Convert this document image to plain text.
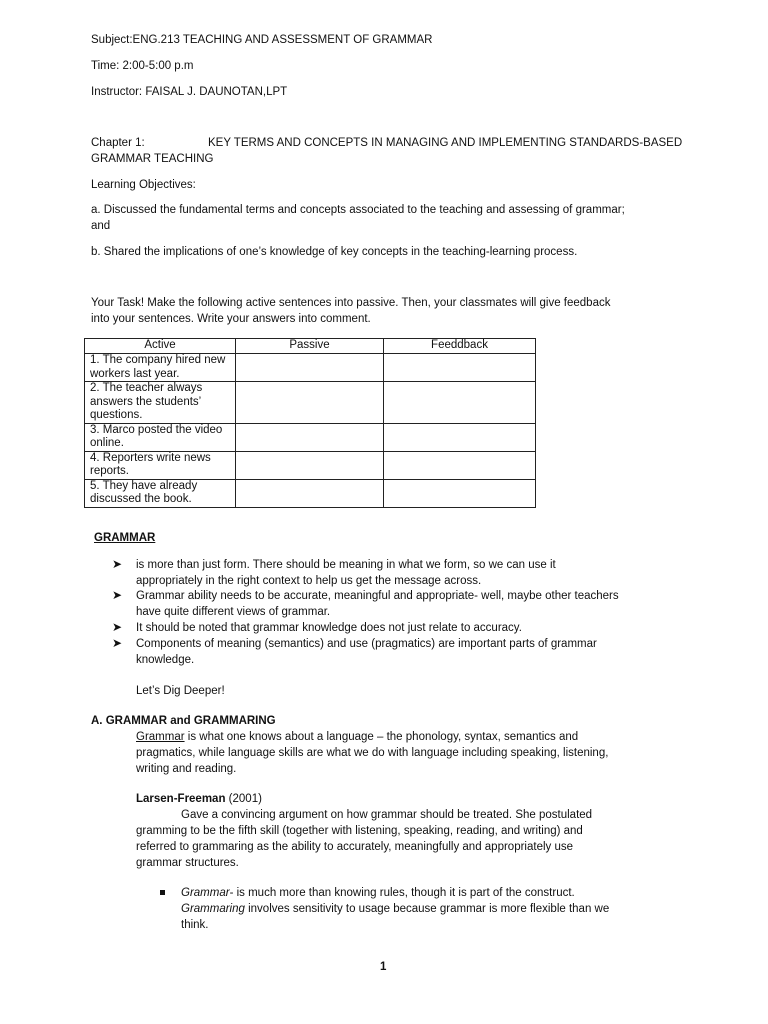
Subject:ENG.213 TEACHING AND ASSESSMENT OF GRAMMAR
Time: 2:00-5:00 p.m
Instructor: FAISAL J. DAUNOTAN,LPT
Chapter 1:	KEY TERMS AND CONCEPTS IN MANAGING AND IMPLEMENTING STANDARDS-BASED
GRAMMAR TEACHING
Learning Objectives:
a. Discussed the fundamental terms and concepts associated to the teaching and assessing of grammar;
and
b. Shared the implications of one’s knowledge of key concepts in the teaching-learning process.
Your Task! Make the following active sentences into passive. Then, your classmates will give feedback
into your sentences. Write your answers into comment.
Active	Passive	Feeddback
1. The company hired new workers last year.		
2. The teacher always answers the students’ questions.		
3. Marco posted the video online.		
4. Reporters write news reports.		
5. They have already discussed the book.		
GRAMMAR
➤ is more than just form. There should be meaning in what we form, so we can use it
appropriately in the right context to help us get the message across.
➤ Grammar ability needs to be accurate, meaningful and appropriate- well, maybe other teachers
have quite different views of grammar.
➤ It should be noted that grammar knowledge does not just relate to accuracy.
➤ Components of meaning (semantics) and use (pragmatics) are important parts of grammar
knowledge.
Let’s Dig Deeper!
A. GRAMMAR and GRAMMARING
Grammar is what one knows about a language – the phonology, syntax, semantics and
pragmatics, while language skills are what we do with language including speaking, listening,
writing and reading.
Larsen-Freeman (2001)
Gave a convincing argument on how grammar should be treated. She postulated
gramming to be the fifth skill (together with listening, speaking, reading, and writing) and
referred to grammaring as the ability to accurately, meaningfully and appropriately use
grammar structures.
Grammar- is much more than knowing rules, though it is part of the construct.
Grammaring involves sensitivity to usage because grammar is more flexible than we
think.
1
